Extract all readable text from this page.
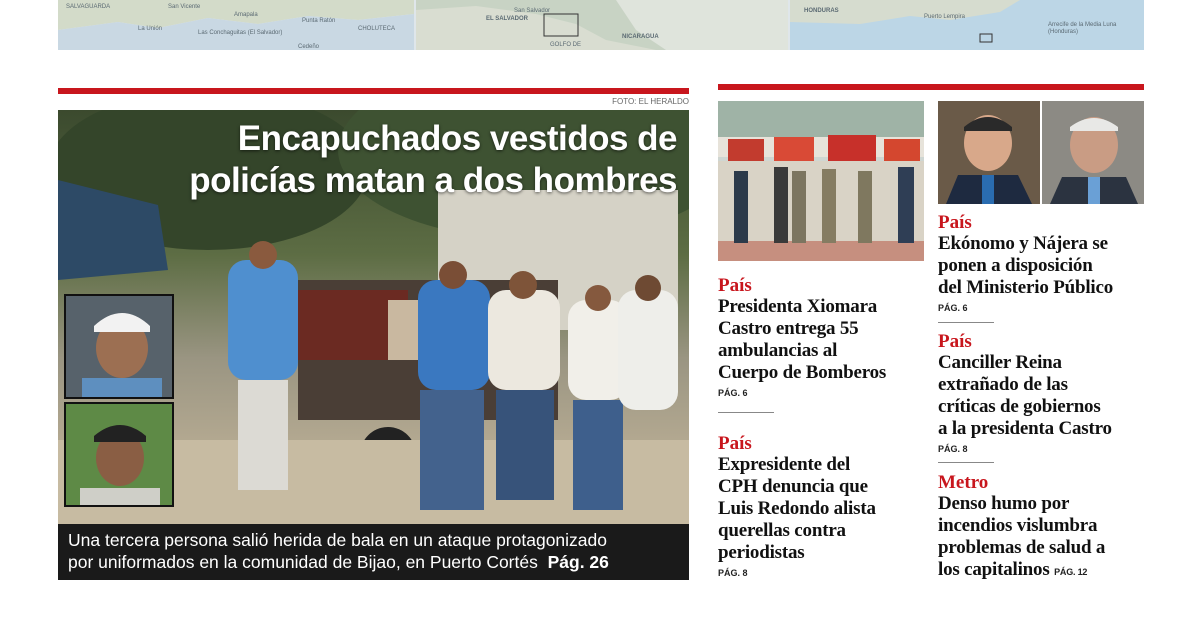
SALVAGUARDA
La Unión
Amapala
Punta Ratón
CHOLUTECA
Las Conchaguitas (El Salvador)
San Vicente
Cedeño
San Salvador
EL SALVADOR
GOLFO DE
NICARAGUA
HONDURAS
Puerto Lempira
Arrecife de la Media Luna (Honduras)
FOTO: EL HERALDO
Encapuchados vestidos de
policías matan a dos hombres
Una tercera persona salió herida de bala en un ataque protagonizado
por uniformados en la comunidad de Bijao, en Puerto Cortés Pág. 26
País
Presidenta Xiomara
Castro entrega 55
ambulancias al
Cuerpo de Bomberos
PÁG. 6
País
Expresidente del
CPH denuncia que
Luis Redondo alista
querellas contra
periodistas
PÁG. 8
País
Ekónomo y Nájera se
ponen a disposición
del Ministerio Público
PÁG. 6
País
Canciller Reina
extrañado de las
críticas de gobiernos
a la presidenta Castro
PÁG. 8
Metro
Denso humo por
incendios vislumbra
problemas de salud a
los capitalinos PÁG. 12
